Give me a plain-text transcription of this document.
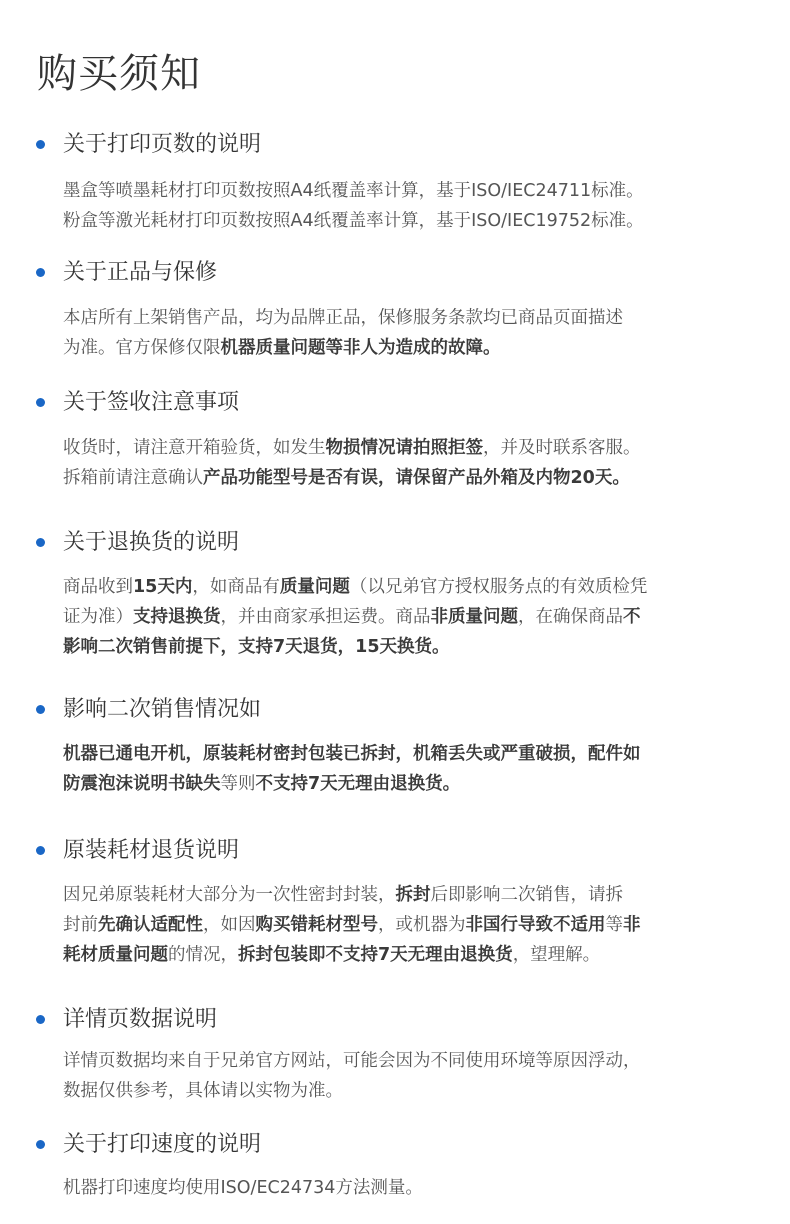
购买须知
关于打印页数的说明
墨盒等喷墨耗材打印页数按照A4纸覆盖率计算，基于ISO/IEC24711标准。
粉盒等激光耗材打印页数按照A4纸覆盖率计算，基于ISO/IEC19752标准。
关于正品与保修
本店所有上架销售产品，均为品牌正品，保修服务条款均已商品页面描述
为准。官方保修仅限机器质量问题等非人为造成的故障。
关于签收注意事项
收货时，请注意开箱验货，如发生物损情况请拍照拒签，并及时联系客服。
拆箱前请注意确认产品功能型号是否有误，请保留产品外箱及内物20天。
关于退换货的说明
商品收到15天内，如商品有质量问题（以兄弟官方授权服务点的有效质检凭
证为准）支持退换货，并由商家承担运费。商品非质量问题，在确保商品不
影响二次销售前提下，支持7天退货，15天换货。
影响二次销售情况如
机器已通电开机，原装耗材密封包装已拆封，机箱丢失或严重破损，配件如
防震泡沫说明书缺失等则不支持7天无理由退换货。
原装耗材退货说明
因兄弟原装耗材大部分为一次性密封封装，拆封后即影响二次销售，请拆
封前先确认适配性，如因购买错耗材型号，或机器为非国行导致不适用等非
耗材质量问题的情况，拆封包装即不支持7天无理由退换货，望理解。
详情页数据说明
详情页数据均来自于兄弟官方网站，可能会因为不同使用环境等原因浮动，
数据仅供参考，具体请以实物为准。
关于打印速度的说明
机器打印速度均使用ISO/EC24734方法测量。
